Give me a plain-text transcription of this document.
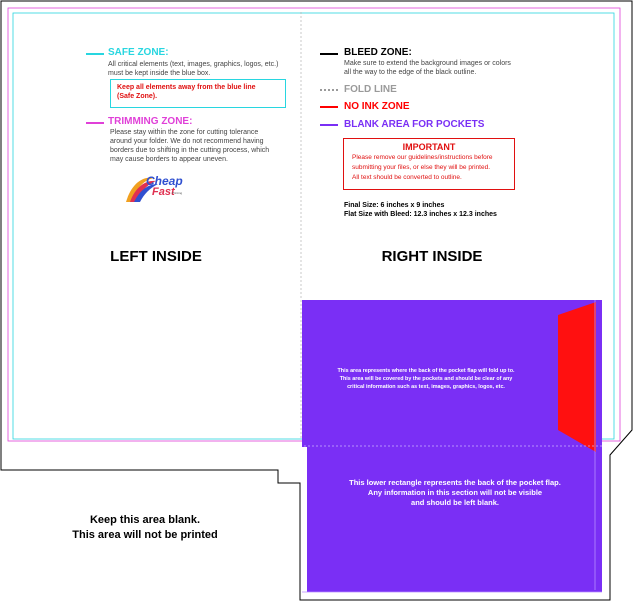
SAFE ZONE:

All critical elements (text, images, graphics, logos, etc.)
must be kept inside the blue box.

Keep all elements away from the blue line
(Safe Zone).

TRIMMING ZONE:

Please stay within the zone for cutting tolerance
around your folder. We do not recommend having
borders due to shifting in the cutting process, which
may cause borders to appear uneven.

Cheap
Fast
Printing

BLEED ZONE:

Make sure to extend the background images or colors
all the way to the edge of the black outline.

FOLD LINE

NO INK ZONE

BLANK AREA FOR POCKETS

IMPORTANT

Please remove our guidelines/instructions before
submitting your files, or else they will be printed.
All text should be converted to outline.

Final Size: 6 inches x 9 inches

Flat Size with Bleed: 12.3 inches x 12.3 inches

LEFT INSIDE	RIGHT INSIDE

This area represents where the back of the pocket flap will fold up to.
This area will be covered by the pockets and should be clear of any
critical information such as text, images, graphics, logos, etc.

This lower rectangle represents the back of the pocket flap.
Any information in this section will not be visible
and should be left blank.

Keep this area blank.
This area will not be printed
